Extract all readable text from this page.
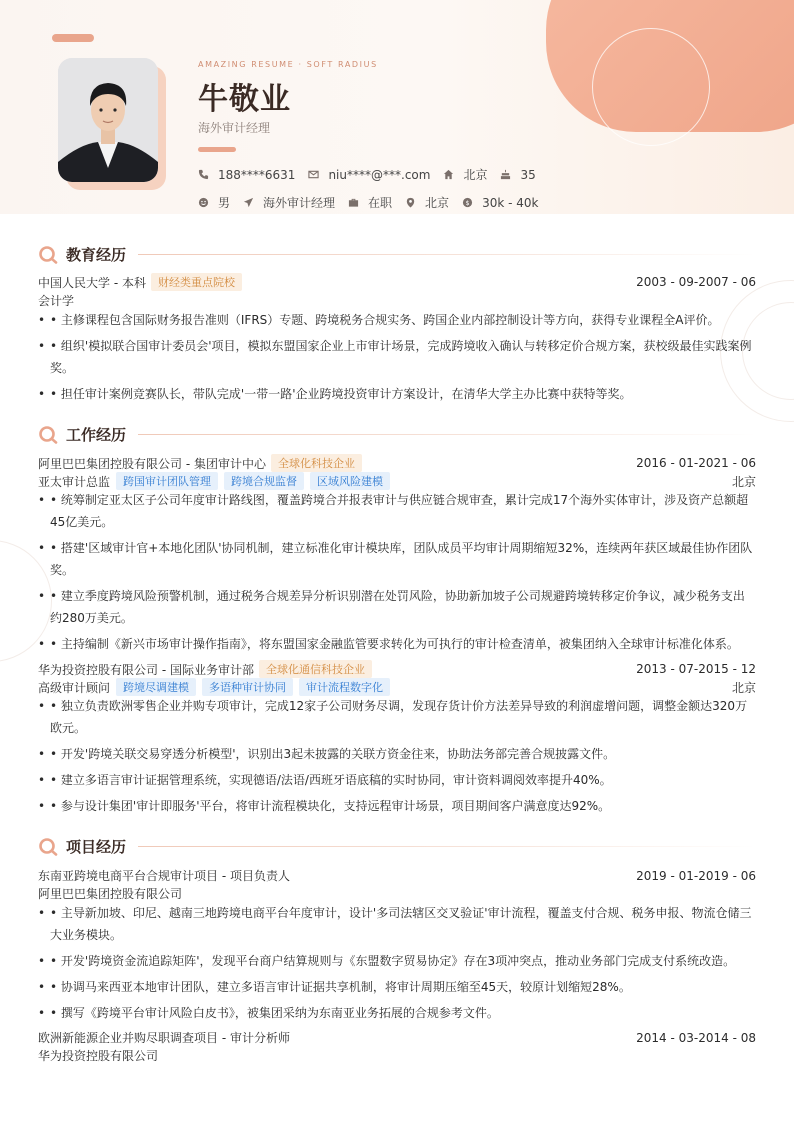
AMAZING RESUME · SOFT RADIUS
牛敬业
海外审计经理
188****6631	niu****@***.com	北京	35
男	海外审计经理	在职	北京 $ 30k - 40k
教育经历
中国人民大学 - 本科	财经类重点院校	2003 - 09-2007 - 06
会计学
• • 主修课程包含国际财务报告准则（IFRS）专题、跨境税务合规实务、跨国企业内部控制设计等方向，获得专业课程全A评价。
• • 组织'模拟联合国审计委员会'项目，模拟东盟国家企业上市审计场景，完成跨境收入确认与转移定价合规方案，获校级最佳实践案例奖。
• • 担任审计案例竞赛队长，带队完成'一带一路'企业跨境投资审计方案设计，在清华大学主办比赛中获特等奖。
工作经历
阿里巴巴集团控股有限公司 - 集团审计中心	全球化科技企业	2016 - 01-2021 - 06
亚太审计总监	跨国审计团队管理	跨境合规监督	区域风险建模	北京
• • 统筹制定亚太区子公司年度审计路线图，覆盖跨境合并报表审计与供应链合规审查，累计完成17个海外实体审计，涉及资产总额超45亿美元。
• • 搭建'区域审计官+本地化团队'协同机制，建立标准化审计模块库，团队成员平均审计周期缩短32%，连续两年获区域最佳协作团队奖。
• • 建立季度跨境风险预警机制，通过税务合规差异分析识别潜在处罚风险，协助新加坡子公司规避跨境转移定价争议，减少税务支出约280万美元。
• • 主持编制《新兴市场审计操作指南》，将东盟国家金融监管要求转化为可执行的审计检查清单，被集团纳入全球审计标准化体系。
华为投资控股有限公司 - 国际业务审计部	全球化通信科技企业	2013 - 07-2015 - 12
高级审计顾问	跨境尽调建模	多语种审计协同	审计流程数字化	北京
• • 独立负责欧洲零售企业并购专项审计，完成12家子公司财务尽调，发现存货计价方法差异导致的利润虚增问题，调整金额达320万欧元。
• • 开发'跨境关联交易穿透分析模型'，识别出3起未披露的关联方资金往来，协助法务部完善合规披露文件。
• • 建立多语言审计证据管理系统，实现德语/法语/西班牙语底稿的实时协同，审计资料调阅效率提升40%。
• • 参与设计集团'审计即服务'平台，将审计流程模块化，支持远程审计场景，项目期间客户满意度达92%。
项目经历
东南亚跨境电商平台合规审计项目 - 项目负责人	2019 - 01-2019 - 06
阿里巴巴集团控股有限公司
• • 主导新加坡、印尼、越南三地跨境电商平台年度审计，设计'多司法辖区交叉验证'审计流程，覆盖支付合规、税务申报、物流仓储三大业务模块。
• • 开发'跨境资金流追踪矩阵'，发现平台商户结算规则与《东盟数字贸易协定》存在3项冲突点，推动业务部门完成支付系统改造。
• • 协调马来西亚本地审计团队，建立多语言审计证据共享机制，将审计周期压缩至45天，较原计划缩短28%。
• • 撰写《跨境平台审计风险白皮书》，被集团采纳为东南亚业务拓展的合规参考文件。
欧洲新能源企业并购尽职调查项目 - 审计分析师	2014 - 03-2014 - 08
华为投资控股有限公司
